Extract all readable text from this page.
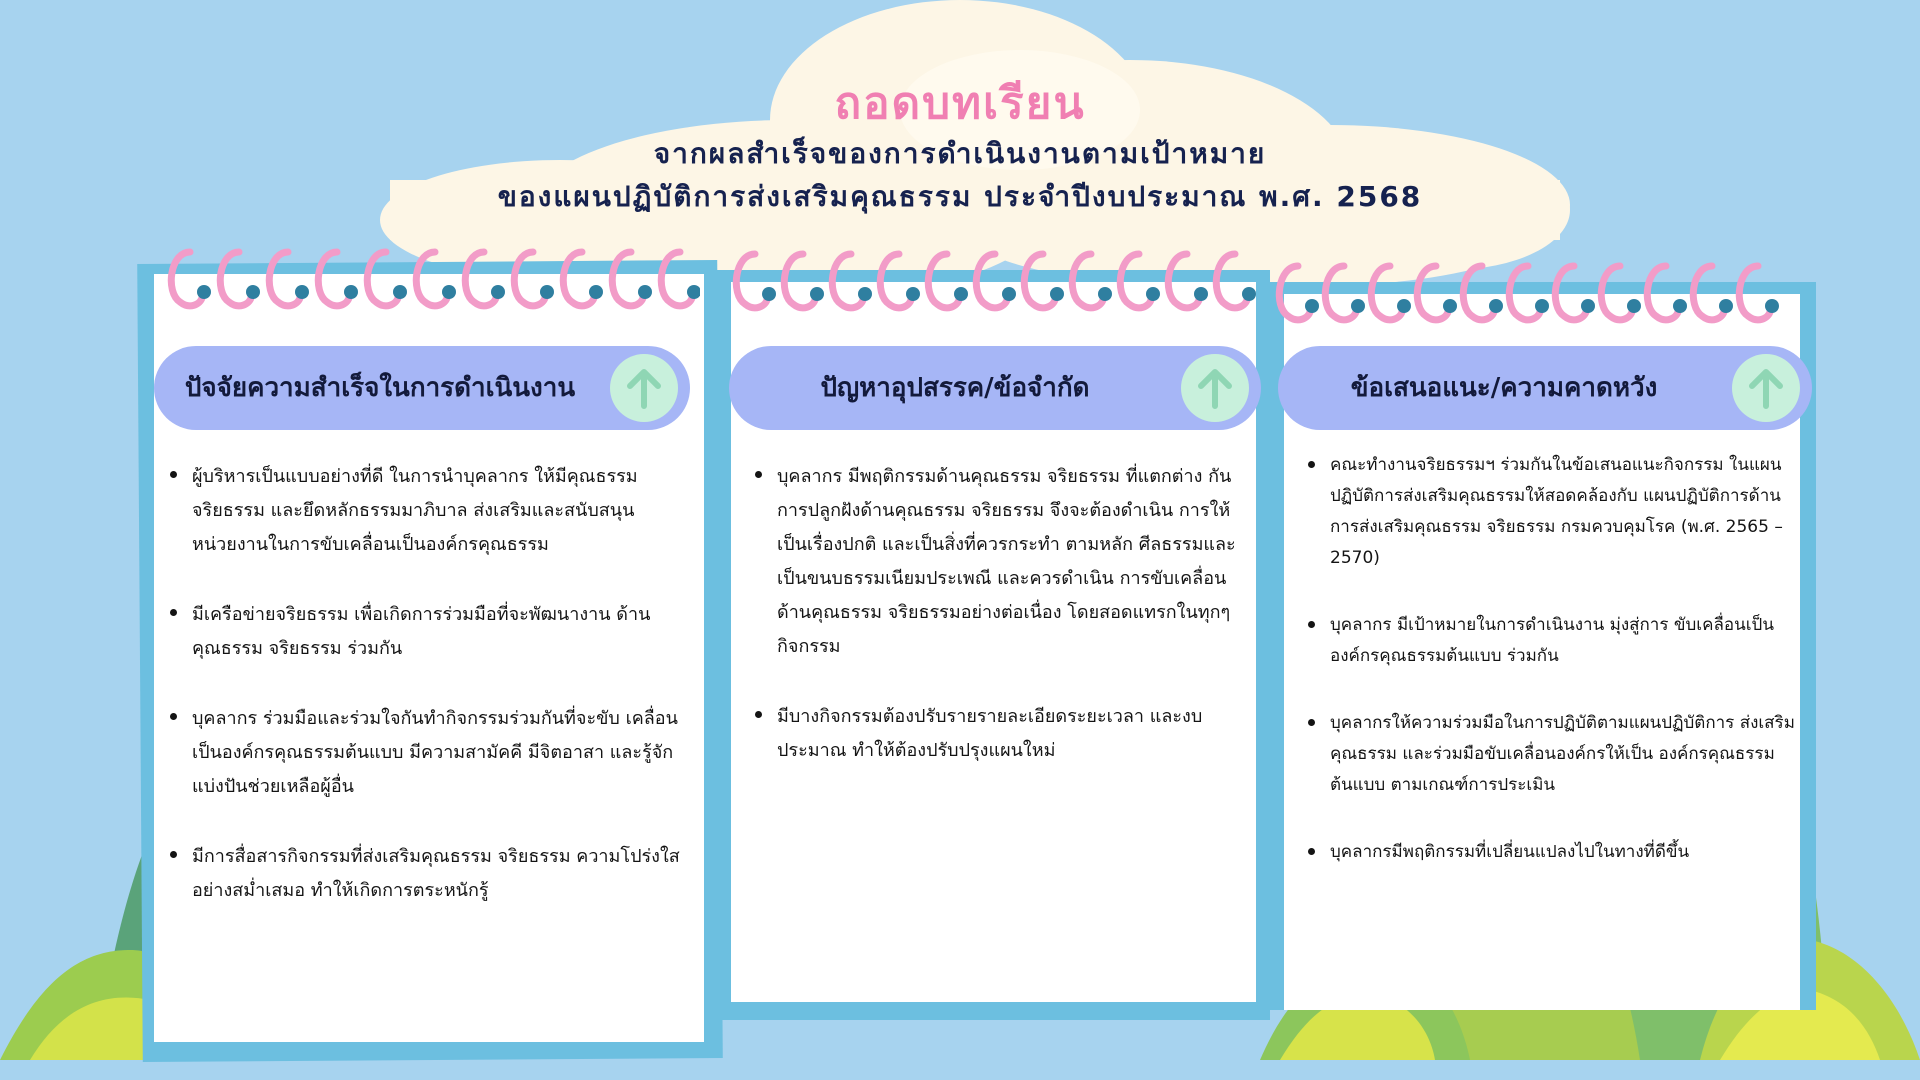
ถอดบทเรียน
จากผลสำเร็จของการดำเนินงานตามเป้าหมาย
ของแผนปฏิบัติการส่งเสริมคุณธรรม ประจำปีงบประมาณ พ.ศ. 2568
ปัจจัยความสำเร็จในการดำเนินงาน
ผู้บริหารเป็นแบบอย่างที่ดี ในการนำบุคลากร ให้มีคุณธรรม จริยธรรม และยึดหลักธรรมมาภิบาล ส่งเสริมและสนับสนุน หน่วยงานในการขับเคลื่อนเป็นองค์กรคุณธรรม
มีเครือข่ายจริยธรรม เพื่อเกิดการร่วมมือที่จะพัฒนางาน ด้านคุณธรรม จริยธรรม ร่วมกัน
บุคลากร ร่วมมือและร่วมใจกันทำกิจกรรมร่วมกันที่จะขับ เคลื่อนเป็นองค์กรคุณธรรมต้นแบบ มีความสามัคคี มีจิตอาสา และรู้จักแบ่งปันช่วยเหลือผู้อื่น
มีการสื่อสารกิจกรรมที่ส่งเสริมคุณธรรม จริยธรรม ความโปร่งใส อย่างสม่ำเสมอ ทำให้เกิดการตระหนักรู้
ปัญหาอุปสรรค/ข้อจำกัด
บุคลากร มีพฤติกรรมด้านคุณธรรม จริยธรรม ที่แตกต่าง กัน การปลูกฝังด้านคุณธรรม จริยธรรม จึงจะต้องดำเนิน การให้เป็นเรื่องปกติ และเป็นสิ่งที่ควรกระทำ ตามหลัก ศีลธรรมและเป็นขนบธรรมเนียมประเพณี และควรดำเนิน การขับเคลื่อนด้านคุณธรรม จริยธรรมอย่างต่อเนื่อง โดยสอดแทรกในทุกๆกิจกรรม
มีบางกิจกรรมต้องปรับรายรายละเอียดระยะเวลา และงบ ประมาณ ทำให้ต้องปรับปรุงแผนใหม่
ข้อเสนอแนะ/ความคาดหวัง
คณะทำงานจริยธรรมฯ ร่วมกันในข้อเสนอแนะกิจกรรม ในแผนปฏิบัติการส่งเสริมคุณธรรมให้สอดคล้องกับ แผนปฏิบัติการด้านการส่งเสริมคุณธรรม จริยธรรม กรมควบคุมโรค (พ.ศ. 2565 – 2570)
บุคลากร มีเป้าหมายในการดำเนินงาน มุ่งสู่การ ขับเคลื่อนเป็นองค์กรคุณธรรมต้นแบบ ร่วมกัน
บุคลากรให้ความร่วมมือในการปฏิบัติตามแผนปฏิบัติการ ส่งเสริมคุณธรรม และร่วมมือขับเคลื่อนองค์กรให้เป็น องค์กรคุณธรรมต้นแบบ ตามเกณฑ์การประเมิน
บุคลากรมีพฤติกรรมที่เปลี่ยนแปลงไปในทางที่ดีขึ้น
